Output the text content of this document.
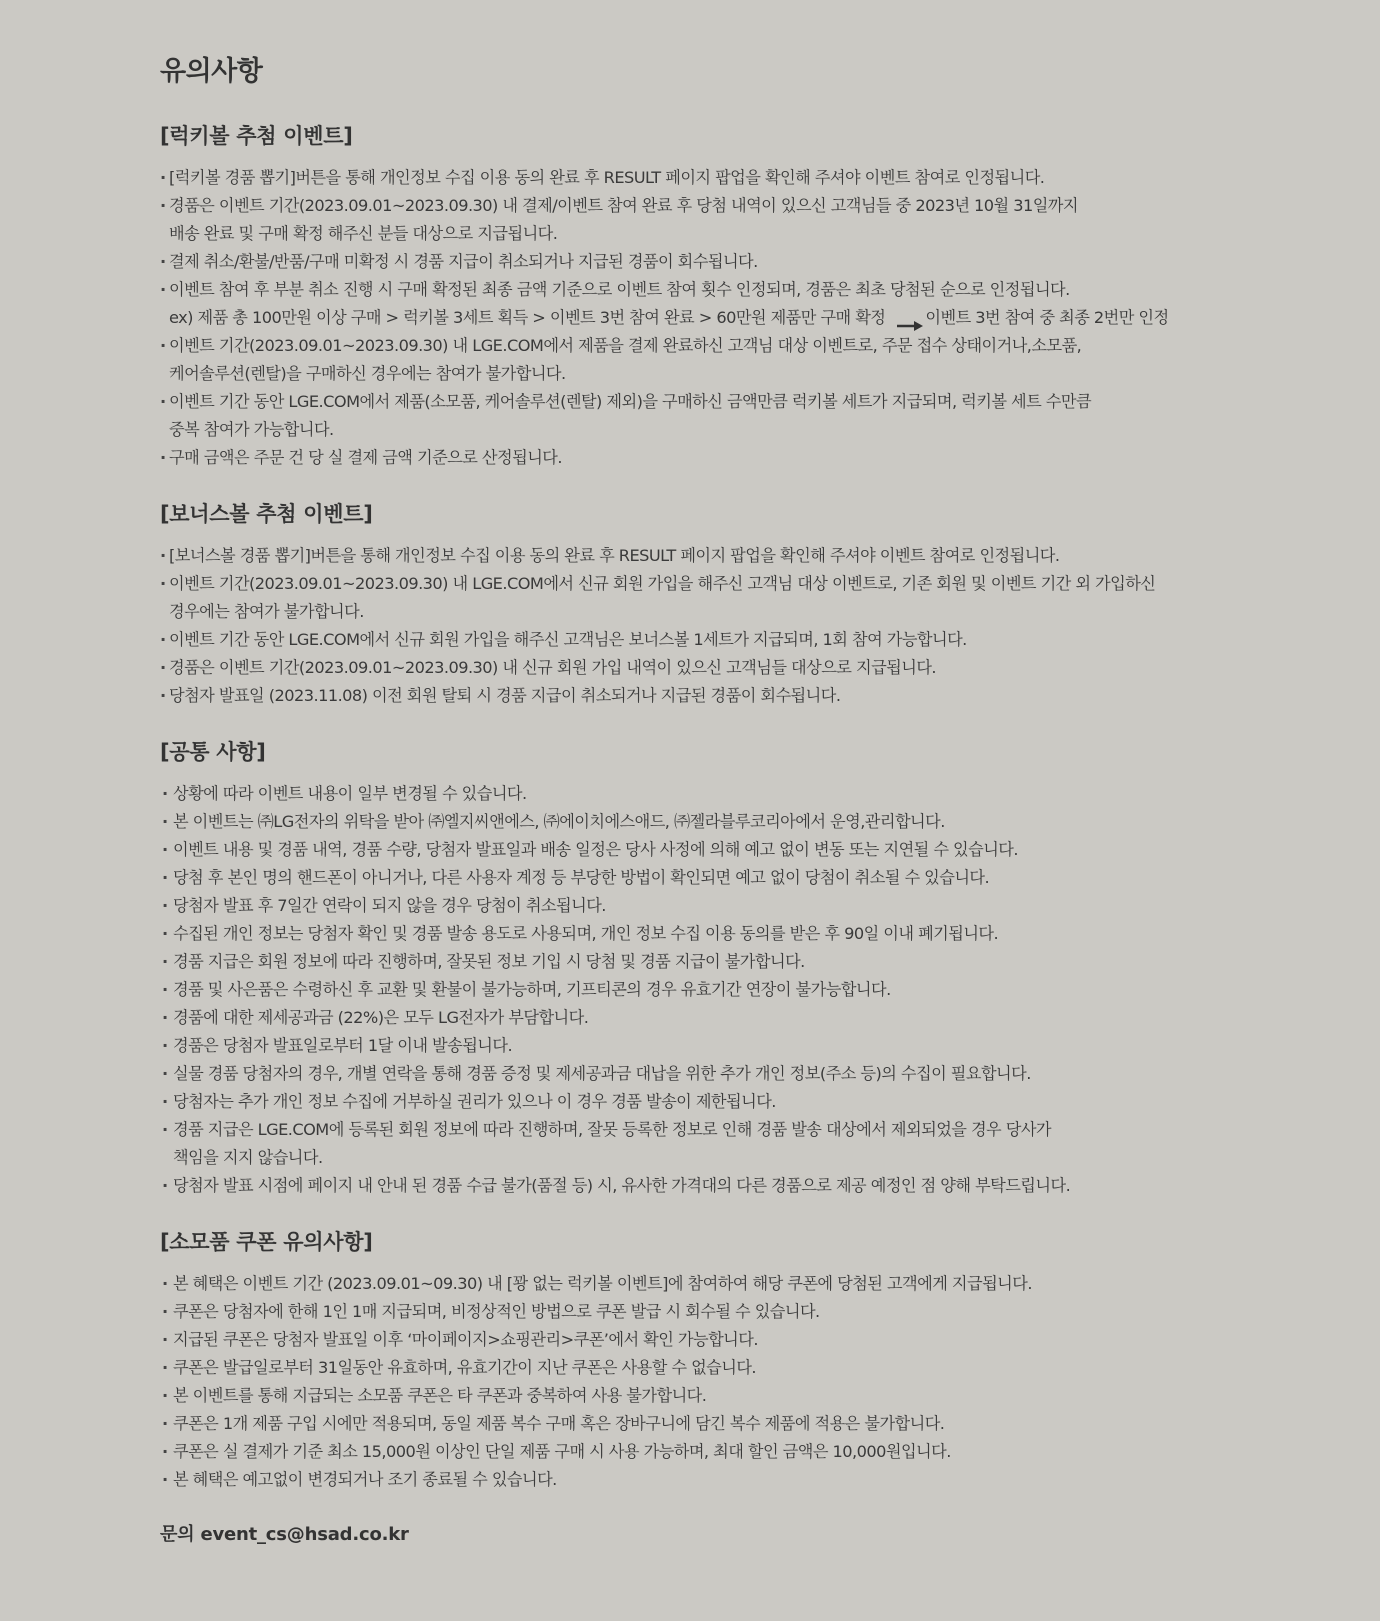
유의사항
[럭키볼 추첨 이벤트]
· [럭키볼 경품 뽑기]버튼을 통해 개인정보 수집 이용 동의 완료 후 RESULT 페이지 팝업을 확인해 주셔야 이벤트 참여로 인정됩니다.
· 경품은 이벤트 기간(2023.09.01~2023.09.30) 내 결제/이벤트 참여 완료 후 당첨 내역이 있으신 고객님들 중 2023년 10월 31일까지
배송 완료 및 구매 확정 해주신 분들 대상으로 지급됩니다.
· 결제 취소/환불/반품/구매 미확정 시 경품 지급이 취소되거나 지급된 경품이 회수됩니다.
· 이벤트 참여 후 부분 취소 진행 시 구매 확정된 최종 금액 기준으로 이벤트 참여 횟수 인정되며, 경품은 최초 당첨된 순으로 인정됩니다.
ex) 제품 총 100만원 이상 구매 > 럭키볼 3세트 획득 > 이벤트 3번 참여 완료 > 60만원 제품만 구매 확정 이벤트 3번 참여 중 최종 2번만 인정
· 이벤트 기간(2023.09.01~2023.09.30) 내 LGE.COM에서 제품을 결제 완료하신 고객님 대상 이벤트로, 주문 접수 상태이거나,소모품,
케어솔루션(렌탈)을 구매하신 경우에는 참여가 불가합니다.
· 이벤트 기간 동안 LGE.COM에서 제품(소모품, 케어솔루션(렌탈) 제외)을 구매하신 금액만큼 럭키볼 세트가 지급되며, 럭키볼 세트 수만큼
중복 참여가 가능합니다.
· 구매 금액은 주문 건 당 실 결제 금액 기준으로 산정됩니다.
[보너스볼 추첨 이벤트]
· [보너스볼 경품 뽑기]버튼을 통해 개인정보 수집 이용 동의 완료 후 RESULT 페이지 팝업을 확인해 주셔야 이벤트 참여로 인정됩니다.
· 이벤트 기간(2023.09.01~2023.09.30) 내 LGE.COM에서 신규 회원 가입을 해주신 고객님 대상 이벤트로, 기존 회원 및 이벤트 기간 외 가입하신
경우에는 참여가 불가합니다.
· 이벤트 기간 동안 LGE.COM에서 신규 회원 가입을 해주신 고객님은 보너스볼 1세트가 지급되며, 1회 참여 가능합니다.
· 경품은 이벤트 기간(2023.09.01~2023.09.30) 내 신규 회원 가입 내역이 있으신 고객님들 대상으로 지급됩니다.
· 당첨자 발표일 (2023.11.08) 이전 회원 탈퇴 시 경품 지급이 취소되거나 지급된 경품이 회수됩니다.
[공통 사항]
· 상황에 따라 이벤트 내용이 일부 변경될 수 있습니다.
· 본 이벤트는 ㈜LG전자의 위탁을 받아 ㈜엘지씨앤에스, ㈜에이치에스애드, ㈜젤라블루코리아에서 운영,관리합니다.
· 이벤트 내용 및 경품 내역, 경품 수량, 당첨자 발표일과 배송 일정은 당사 사정에 의해 예고 없이 변동 또는 지연될 수 있습니다.
· 당첨 후 본인 명의 핸드폰이 아니거나, 다른 사용자 계정 등 부당한 방법이 확인되면 예고 없이 당첨이 취소될 수 있습니다.
· 당첨자 발표 후 7일간 연락이 되지 않을 경우 당첨이 취소됩니다.
· 수집된 개인 정보는 당첨자 확인 및 경품 발송 용도로 사용되며, 개인 정보 수집 이용 동의를 받은 후 90일 이내 폐기됩니다.
· 경품 지급은 회원 정보에 따라 진행하며, 잘못된 정보 기입 시 당첨 및 경품 지급이 불가합니다.
· 경품 및 사은품은 수령하신 후 교환 및 환불이 불가능하며, 기프티콘의 경우 유효기간 연장이 불가능합니다.
· 경품에 대한 제세공과금 (22%)은 모두 LG전자가 부담합니다.
· 경품은 당첨자 발표일로부터 1달 이내 발송됩니다.
· 실물 경품 당첨자의 경우, 개별 연락을 통해 경품 증정 및 제세공과금 대납을 위한 추가 개인 정보(주소 등)의 수집이 필요합니다.
· 당첨자는 추가 개인 정보 수집에 거부하실 권리가 있으나 이 경우 경품 발송이 제한됩니다.
· 경품 지급은 LGE.COM에 등록된 회원 정보에 따라 진행하며, 잘못 등록한 정보로 인해 경품 발송 대상에서 제외되었을 경우 당사가
책임을 지지 않습니다.
· 당첨자 발표 시점에 페이지 내 안내 된 경품 수급 불가(품절 등) 시, 유사한 가격대의 다른 경품으로 제공 예정인 점 양해 부탁드립니다.
[소모품 쿠폰 유의사항]
· 본 혜택은 이벤트 기간 (2023.09.01~09.30) 내 [꽝 없는 럭키볼 이벤트]에 참여하여 해당 쿠폰에 당첨된 고객에게 지급됩니다.
· 쿠폰은 당첨자에 한해 1인 1매 지급되며, 비정상적인 방법으로 쿠폰 발급 시 회수될 수 있습니다.
· 지급된 쿠폰은 당첨자 발표일 이후 ‘마이페이지>쇼핑관리>쿠폰’에서 확인 가능합니다.
· 쿠폰은 발급일로부터 31일동안 유효하며, 유효기간이 지난 쿠폰은 사용할 수 없습니다.
· 본 이벤트를 통해 지급되는 소모품 쿠폰은 타 쿠폰과 중복하여 사용 불가합니다.
· 쿠폰은 1개 제품 구입 시에만 적용되며, 동일 제품 복수 구매 혹은 장바구니에 담긴 복수 제품에 적용은 불가합니다.
· 쿠폰은 실 결제가 기준 최소 15,000원 이상인 단일 제품 구매 시 사용 가능하며, 최대 할인 금액은 10,000원입니다.
· 본 혜택은 예고없이 변경되거나 조기 종료될 수 있습니다.
문의 event_cs@hsad.co.kr
